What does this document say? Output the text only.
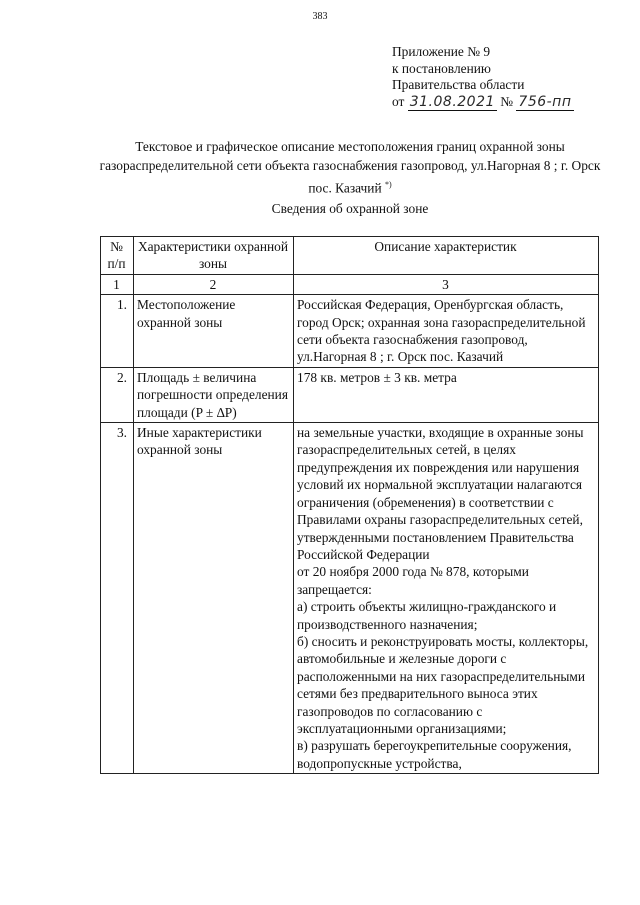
383
Приложение № 9
к постановлению
Правительства области
от 31.08.2021 № 756-пп
Текстовое и графическое описание местоположения границ охранной зоны газораспределительной сети объекта газоснабжения газопровод, ул.Нагорная 8 ; г. Орск пос. Казачий *)
Сведения об охранной зоне
№ п/п	Характеристики охранной зоны	Описание характеристик
1	2	3
1.	Местоположение охранной зоны	Российская Федерация, Оренбургская область, город Орск; охранная зона газораспределительной сети объекта газоснабжения газопровод, ул.Нагорная 8 ; г. Орск пос. Казачий
2.	Площадь ± величина погрешности определения площади (P ± ∆P)	178 кв. метров ± 3 кв. метра
3.	Иные характеристики охранной зоны	на земельные участки, входящие в охранные зоны газораспределительных сетей, в целях предупреждения их повреждения или нарушения условий их нормальной эксплуатации налагаются ограничения (обременения) в соответствии с Правилами охраны газораспределительных сетей, утвержденными постановлением Правительства Российской Федерации
от 20 ноября 2000 года № 878, которыми запрещается:
а) строить объекты жилищно-гражданского и производственного назначения;
б) сносить и реконструировать мосты, коллекторы, автомобильные и железные дороги с расположенными на них газораспределительными сетями без предварительного выноса этих газопроводов по согласованию с эксплуатационными организациями;
в) разрушать берегоукрепительные сооружения, водопропускные устройства,
